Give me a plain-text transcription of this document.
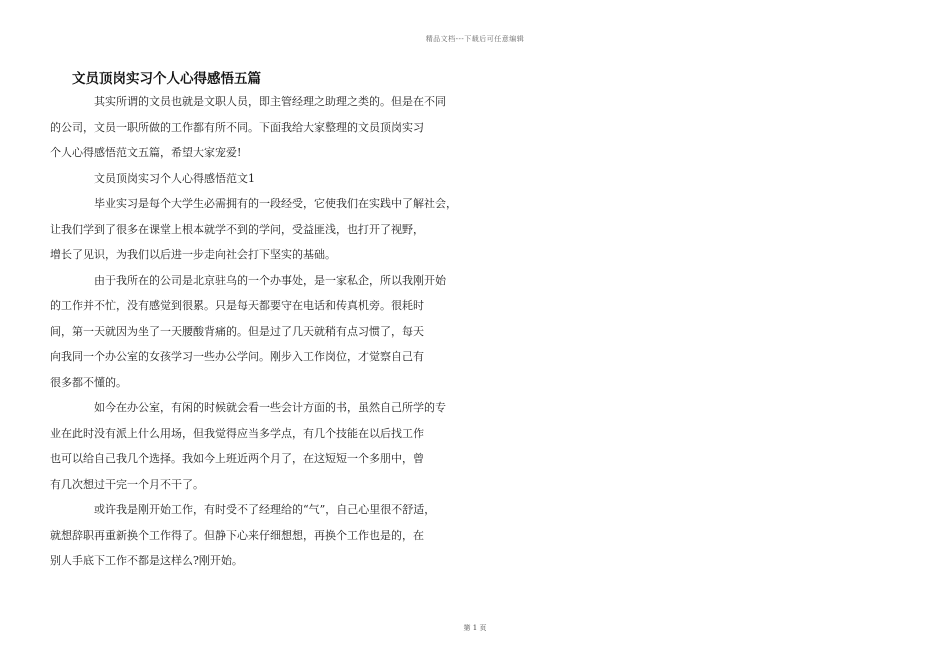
精品文档---下载后可任意编辑
文员顶岗实习个人心得感悟五篇

其实所谓的文员也就是文职人员，即主管经理之助理之类的。但是在不同
的公司，文员一职所做的工作都有所不同。下面我给大家整理的文员顶岗实习
个人心得感悟范文五篇，希望大家宠爱!

文员顶岗实习个人心得感悟范文1

毕业实习是每个大学生必需拥有的一段经受，它使我们在实践中了解社会，
让我们学到了很多在课堂上根本就学不到的学问，受益匪浅，也打开了视野，
增长了见识，为我们以后进一步走向社会打下坚实的基础。

由于我所在的公司是北京驻乌的一个办事处，是一家私企，所以我刚开始
的工作并不忙，没有感觉到很累。只是每天都要守在电话和传真机旁。很耗时
间，第一天就因为坐了一天腰酸背痛的。但是过了几天就稍有点习惯了，每天
向我同一个办公室的女孩学习一些办公学问。刚步入工作岗位，才觉察自己有
很多都不懂的。

如今在办公室，有闲的时候就会看一些会计方面的书，虽然自己所学的专
业在此时没有派上什么用场，但我觉得应当多学点，有几个技能在以后找工作
也可以给自己我几个选择。我如今上班近两个月了，在这短短一个多朋中，曾
有几次想过干完一个月不干了。

或许我是刚开始工作，有时受不了经理给的“气”，自己心里很不舒适，
就想辞职再重新换个工作得了。但静下心来仔细想想，再换个工作也是的，在
别人手底下工作不都是这样么?刚开始。

第 1 页
